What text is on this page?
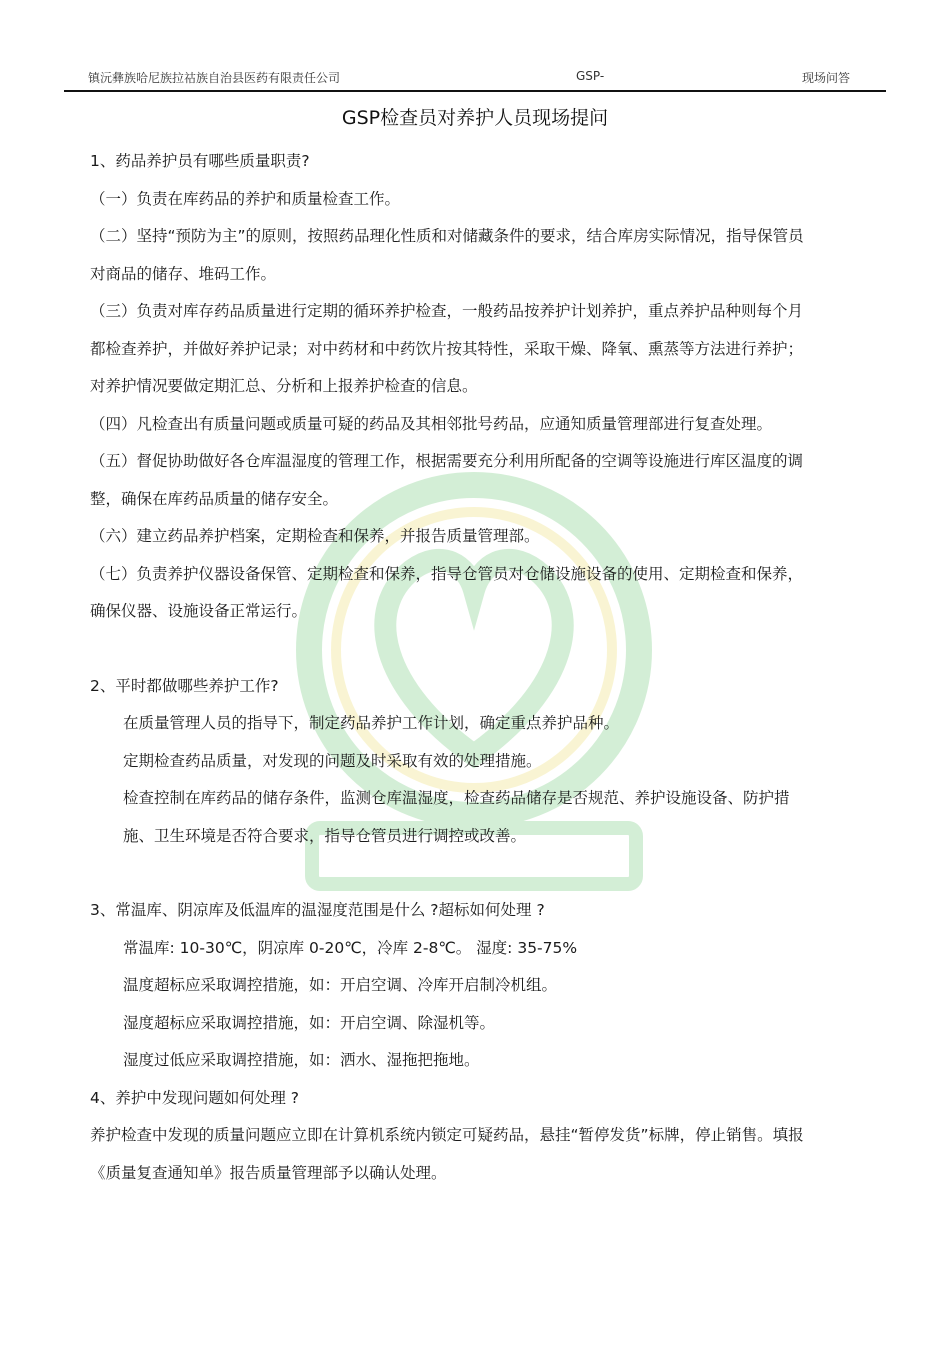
镇沅彝族哈尼族拉祜族自治县医药有限责任公司	GSP-	现场问答
GSP检查员对养护人员现场提问

1、药品养护员有哪些质量职责?

（一）负责在库药品的养护和质量检查工作。

（二）坚持“预防为主”的原则，按照药品理化性质和对储藏条件的要求，结合库房实际情况，指导保管员对商品的储存、堆码工作。

（三）负责对库存药品质量进行定期的循环养护检查，一般药品按养护计划养护，重点养护品种则每个月都检查养护，并做好养护记录；对中药材和中药饮片按其特性，采取干燥、降氧、熏蒸等方法进行养护；对养护情况要做定期汇总、分析和上报养护检查的信息。

（四）凡检查出有质量问题或质量可疑的药品及其相邻批号药品，应通知质量管理部进行复查处理。

（五）督促协助做好各仓库温湿度的管理工作，根据需要充分利用所配备的空调等设施进行库区温度的调整，确保在库药品质量的储存安全。

（六）建立药品养护档案，定期检查和保养，并报告质量管理部。

（七）负责养护仪器设备保管、定期检查和保养，指导仓管员对仓储设施设备的使用、定期检查和保养，确保仪器、设施设备正常运行。

2、平时都做哪些养护工作?

在质量管理人员的指导下，制定药品养护工作计划，确定重点养护品种。

定期检查药品质量，对发现的问题及时采取有效的处理措施。

检查控制在库药品的储存条件，监测仓库温湿度，检查药品储存是否规范、养护设施设备、防护措施、卫生环境是否符合要求，指导仓管员进行调控或改善。

3、常温库、阴凉库及低温库的温湿度范围是什么 ?超标如何处理 ?

常温库: 10-30℃，阴凉库 0-20℃，冷库 2-8℃。 湿度: 35-75%

温度超标应采取调控措施，如：开启空调、冷库开启制冷机组。

湿度超标应采取调控措施，如：开启空调、除湿机等。

湿度过低应采取调控措施，如：洒水、湿拖把拖地。

4、养护中发现问题如何处理 ?

养护检查中发现的质量问题应立即在计算机系统内锁定可疑药品，悬挂“暂停发货”标牌，停止销售。填报《质量复查通知单》报告质量管理部予以确认处理。
